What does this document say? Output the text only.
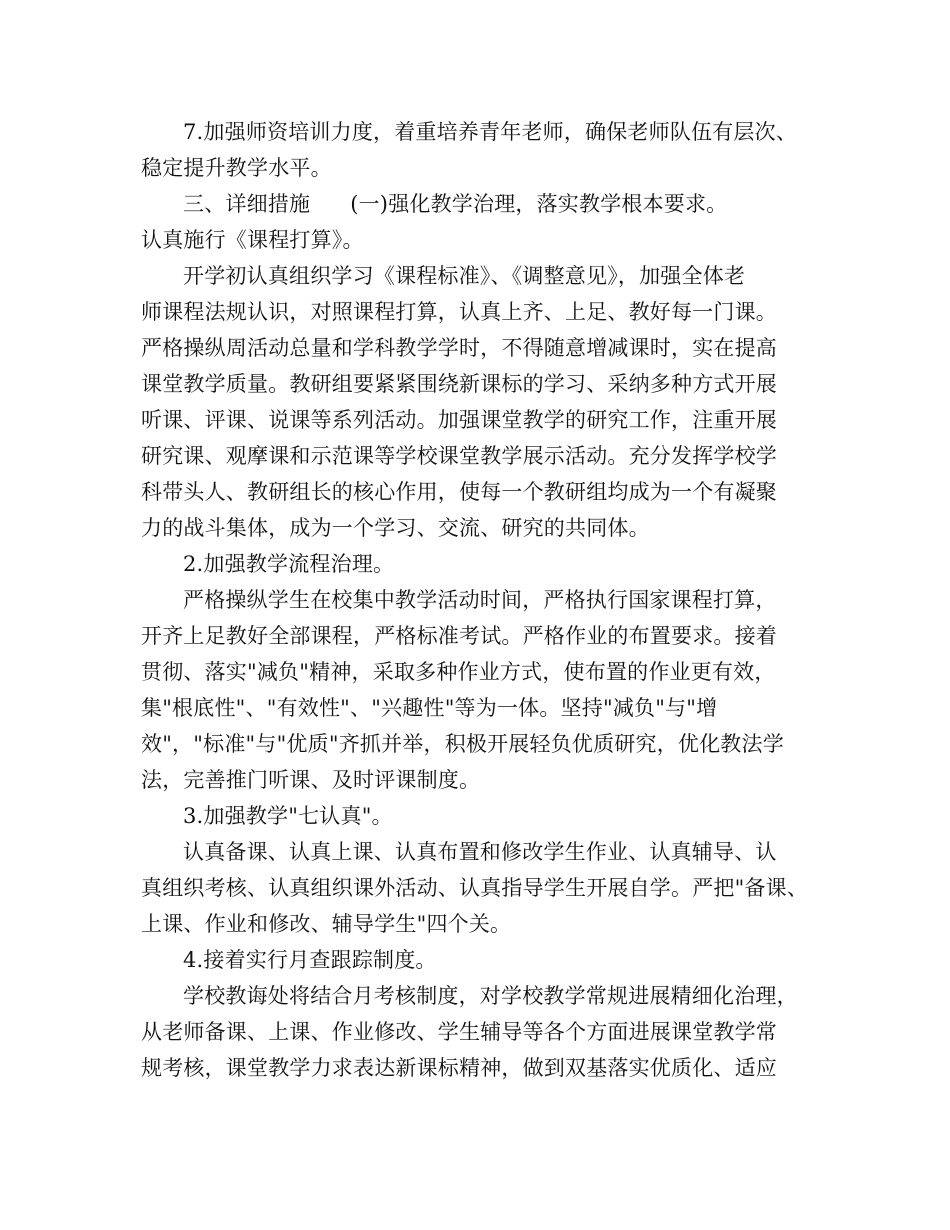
7.加强师资培训力度，着重培养青年老师，确保老师队伍有层次、
稳定提升教学水平。
三、详细措施 (一)强化教学治理，落实教学根本要求。
认真施行《课程打算》。
开学初认真组织学习《课程标准》、《调整意见》，加强全体老
师课程法规认识，对照课程打算，认真上齐、上足、教好每一门课。
严格操纵周活动总量和学科教学学时，不得随意增减课时，实在提高
课堂教学质量。教研组要紧紧围绕新课标的学习、采纳多种方式开展
听课、评课、说课等系列活动。加强课堂教学的研究工作，注重开展
研究课、观摩课和示范课等学校课堂教学展示活动。充分发挥学校学
科带头人、教研组长的核心作用，使每一个教研组均成为一个有凝聚
力的战斗集体，成为一个学习、交流、研究的共同体。
2.加强教学流程治理。
严格操纵学生在校集中教学活动时间，严格执行国家课程打算，
开齐上足教好全部课程，严格标准考试。严格作业的布置要求。接着
贯彻、落实"减负"精神，采取多种作业方式，使布置的作业更有效，
集"根底性"、"有效性"、"兴趣性"等为一体。坚持"减负"与"增
效"，"标准"与"优质"齐抓并举，积极开展轻负优质研究，优化教法学
法，完善推门听课、及时评课制度。
3.加强教学"七认真"。
认真备课、认真上课、认真布置和修改学生作业、认真辅导、认
真组织考核、认真组织课外活动、认真指导学生开展自学。严把"备课、
上课、作业和修改、辅导学生"四个关。
4.接着实行月查跟踪制度。
学校教诲处将结合月考核制度，对学校教学常规进展精细化治理，
从老师备课、上课、作业修改、学生辅导等各个方面进展课堂教学常
规考核，课堂教学力求表达新课标精神，做到双基落实优质化、适应
